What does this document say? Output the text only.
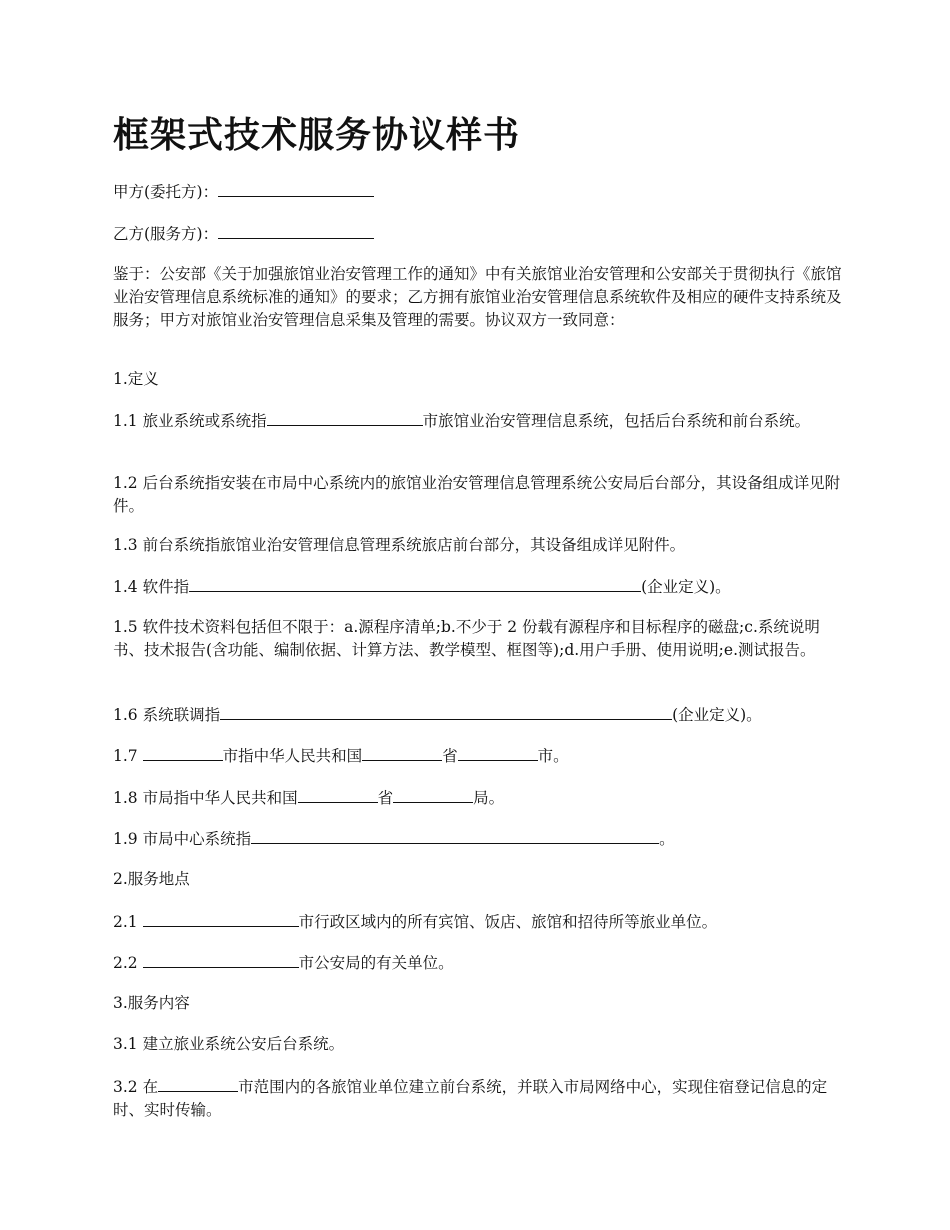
框架式技术服务协议样书

甲方(委托方)：

乙方(服务方)：

鉴于：公安部《关于加强旅馆业治安管理工作的通知》中有关旅馆业治安管理和公安部关于贯彻执行《旅馆业治安管理信息系统标准的通知》的要求；乙方拥有旅馆业治安管理信息系统软件及相应的硬件支持系统及服务；甲方对旅馆业治安管理信息采集及管理的需要。协议双方一致同意：

1.定义

1.1 旅业系统或系统指	市旅馆业治安管理信息系统，包括后台系统和前台系统。

1.2 后台系统指安装在市局中心系统内的旅馆业治安管理信息管理系统公安局后台部分，其设备组成详见附件。

1.3 前台系统指旅馆业治安管理信息管理系统旅店前台部分，其设备组成详见附件。

1.4 软件指	(企业定义)。

1.5 软件技术资料包括但不限于：a.源程序清单;b.不少于 2 份载有源程序和目标程序的磁盘;c.系统说明书、技术报告(含功能、编制依据、计算方法、教学模型、框图等);d.用户手册、使用说明;e.测试报告。

1.6 系统联调指	(企业定义)。

1.7	市指中华人民共和国	省	市。

1.8 市局指中华人民共和国	省	局。

1.9 市局中心系统指	。

2.服务地点

2.1	市行政区域内的所有宾馆、饭店、旅馆和招待所等旅业单位。

2.2	市公安局的有关单位。

3.服务内容

3.1 建立旅业系统公安后台系统。

3.2 在	市范围内的各旅馆业单位建立前台系统，并联入市局网络中心，实现住宿登记信息的定时、实时传输。
